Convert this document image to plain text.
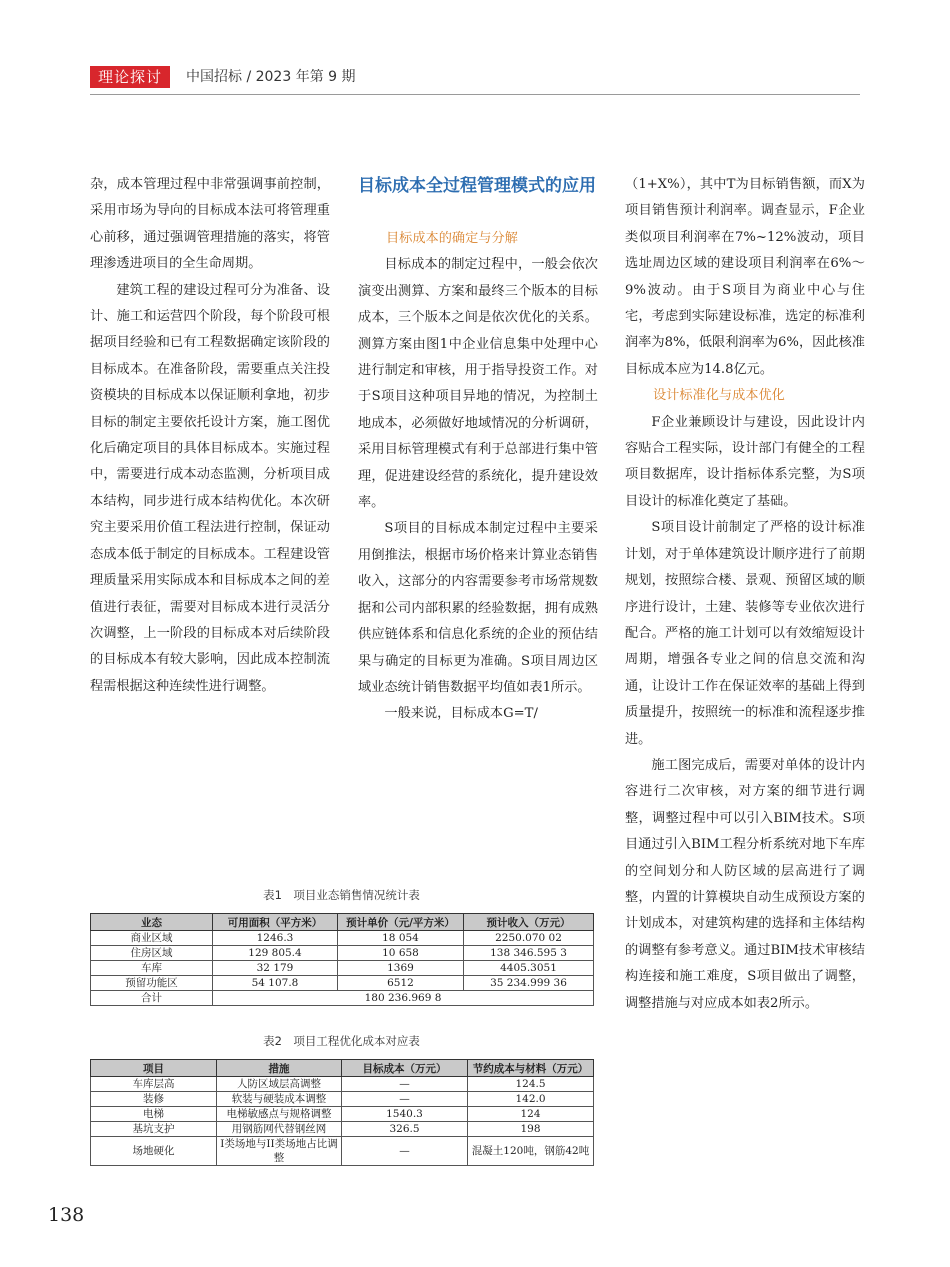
理论探讨	中国招标 / 2023 年第 9 期

杂，成本管理过程中非常强调事前控制，采用市场为导向的目标成本法可将管理重心前移，通过强调管理措施的落实，将管理渗透进项目的全生命周期。

建筑工程的建设过程可分为准备、设计、施工和运营四个阶段，每个阶段可根据项目经验和已有工程数据确定该阶段的目标成本。在准备阶段，需要重点关注投资模块的目标成本以保证顺利拿地，初步目标的制定主要依托设计方案，施工图优化后确定项目的具体目标成本。实施过程中，需要进行成本动态监测，分析项目成本结构，同步进行成本结构优化。本次研究主要采用价值工程法进行控制，保证动态成本低于制定的目标成本。工程建设管理质量采用实际成本和目标成本之间的差值进行表征，需要对目标成本进行灵活分次调整，上一阶段的目标成本对后续阶段的目标成本有较大影响，因此成本控制流程需根据这种连续性进行调整。

目标成本全过程管理模式的应用
目标成本的确定与分解

目标成本的制定过程中，一般会依次演变出测算、方案和最终三个版本的目标成本，三个版本之间是依次优化的关系。测算方案由图1中企业信息集中处理中心进行制定和审核，用于指导投资工作。对于S项目这种项目异地的情况，为控制土地成本，必须做好地域情况的分析调研，采用目标管理模式有利于总部进行集中管理，促进建设经营的系统化，提升建设效率。

S项目的目标成本制定过程中主要采用倒推法，根据市场价格来计算业态销售收入，这部分的内容需要参考市场常规数据和公司内部积累的经验数据，拥有成熟供应链体系和信息化系统的企业的预估结果与确定的目标更为准确。S项目周边区域业态统计销售数据平均值如表1所示。

一般来说，目标成本G=T/

（1+X%），其中T为目标销售额，而X为项目销售预计利润率。调查显示，F企业类似项目利润率在7%~12%波动，项目选址周边区域的建设项目利润率在6%～9%波动。由于S项目为商业中心与住宅，考虑到实际建设标准，选定的标准利润率为8%，低限利润率为6%，因此核准目标成本应为14.8亿元。

设计标准化与成本优化

F企业兼顾设计与建设，因此设计内容贴合工程实际，设计部门有健全的工程项目数据库，设计指标体系完整，为S项目设计的标准化奠定了基础。

S项目设计前制定了严格的设计标准计划，对于单体建筑设计顺序进行了前期规划，按照综合楼、景观、预留区域的顺序进行设计，土建、装修等专业依次进行配合。严格的施工计划可以有效缩短设计周期，增强各专业之间的信息交流和沟通，让设计工作在保证效率的基础上得到质量提升，按照统一的标准和流程逐步推进。

施工图完成后，需要对单体的设计内容进行二次审核，对方案的细节进行调整，调整过程中可以引入BIM技术。S项目通过引入BIM工程分析系统对地下车库的空间划分和人防区域的层高进行了调整，内置的计算模块自动生成预设方案的计划成本，对建筑构建的选择和主体结构的调整有参考意义。通过BIM技术审核结构连接和施工难度，S项目做出了调整，调整措施与对应成本如表2所示。

表1　项目业态销售情况统计表
业态	可用面积（平方米）	预计单价（元/平方米）	预计收入（万元）
商业区域	1246.3	18 054	2250.070 02
住房区域	129 805.4	10 658	138 346.595 3
车库	32 179	1369	4405.3051
预留功能区	54 107.8	6512	35 234.999 36
合计	180 236.969 8		
表2　项目工程优化成本对应表
项目	措施	目标成本（万元）	节约成本与材料（万元）
车库层高	人防区域层高调整	—	124.5
装修	软装与硬装成本调整	—	142.0
电梯	电梯敏感点与规格调整	1540.3	124
基坑支护	用钢筋网代替钢丝网	326.5	198
场地硬化	I类场地与II类场地占比调整	—	混凝土120吨，钢筋42吨
138
